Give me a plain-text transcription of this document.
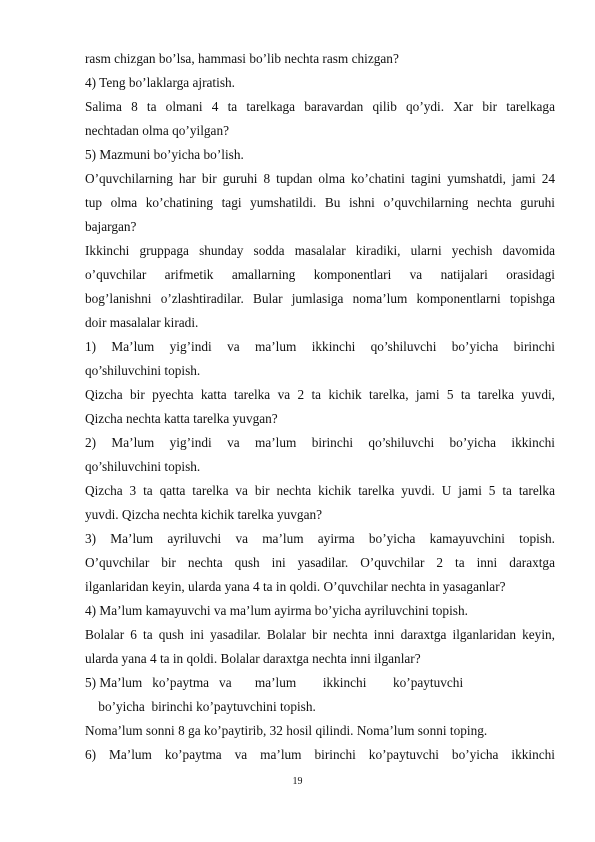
rasm chizgan bo’lsa, hammasi bo’lib nechta rasm chizgan?
4) Teng bo’laklarga ajratish.
Salima 8 ta olmani 4 ta tarelkaga baravardan qilib qo’ydi. Xar bir tarelkaga
nechtadan olma qo’yilgan?
5) Mazmuni bo’yicha bo’lish.
O’quvchilarning har bir guruhi 8 tupdan olma ko’chatini tagini yumshatdi, jami 24
tup olma ko’chatining tagi yumshatildi. Bu ishni o’quvchilarning nechta guruhi
bajargan?
Ikkinchi gruppaga shunday sodda masalalar kiradiki, ularni yechish davomida
o’quvchilar arifmetik amallarning komponentlari va natijalari orasidagi
bog’lanishni o’zlashtiradilar. Bular jumlasiga noma’lum komponentlarni topishga
doir masalalar kiradi.
1) Ma’lum yig’indi va ma’lum ikkinchi qo’shiluvchi bo’yicha birinchi
qo’shiluvchini topish.
Qizcha bir pyechta katta tarelka va 2 ta kichik tarelka, jami 5 ta tarelka yuvdi,
Qizcha nechta katta tarelka yuvgan?
2) Ma’lum yig’indi va ma’lum birinchi qo’shiluvchi bo’yicha ikkinchi
qo’shiluvchini topish.
Qizcha 3 ta qatta tarelka va bir nechta kichik tarelka yuvdi. U jami 5 ta tarelka
yuvdi. Qizcha nechta kichik tarelka yuvgan?
3) Ma’lum ayriluvchi va ma’lum ayirma bo’yicha kamayuvchini topish.
O’quvchilar bir nechta qush ini yasadilar. O’quvchilar 2 ta inni daraxtga
ilganlaridan keyin, ularda yana 4 ta in qoldi. O’quvchilar nechta in yasaganlar?
4) Ma’lum kamayuvchi va ma’lum ayirma bo’yicha ayriluvchini topish.
Bolalar 6 ta qush ini yasadilar. Bolalar bir nechta inni daraxtga ilganlaridan keyin,
ularda yana 4 ta in qoldi. Bolalar daraxtga nechta inni ilganlar?
5) Ma’lum   ko’paytma   va       ma’lum        ikkinchi        ko’paytuvchi
bo’yicha  birinchi ko’paytuvchini topish.
Noma’lum sonni 8 ga ko’paytirib, 32 hosil qilindi. Noma’lum sonni toping.
6) Ma’lum ko’paytma va ma’lum birinchi ko’paytuvchi bo’yicha ikkinchi
19
